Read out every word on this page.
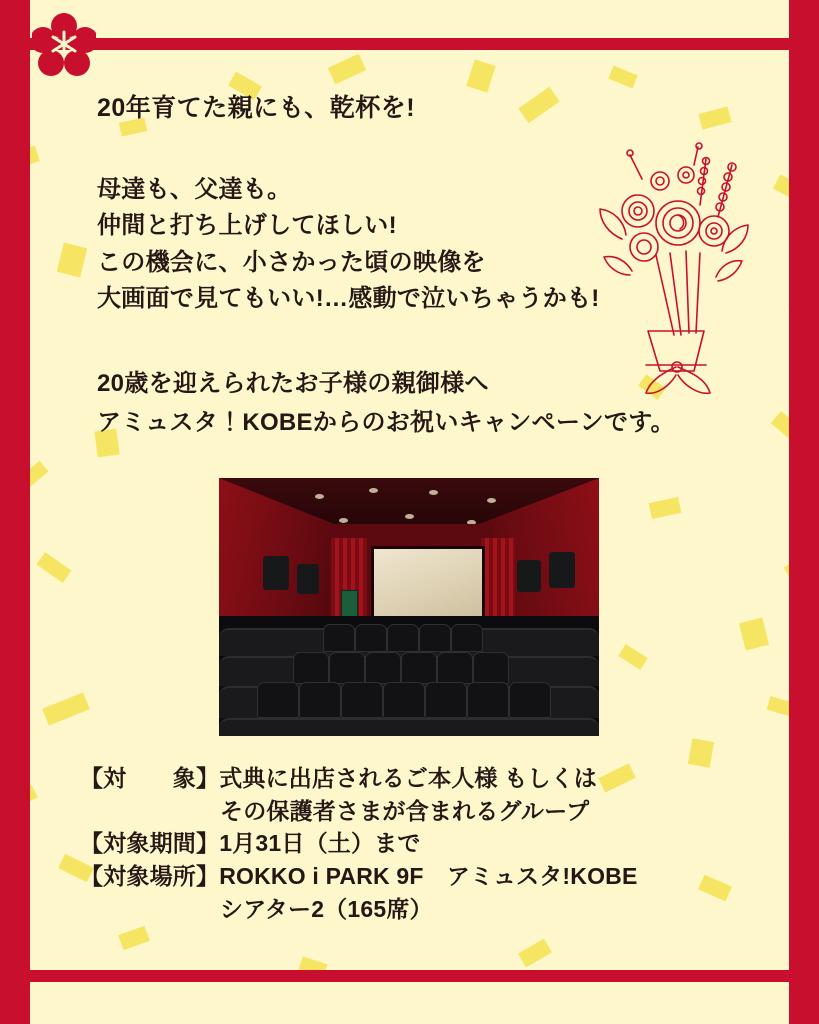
20年育てた親にも、乾杯を!
母達も、父達も。
仲間と打ち上げしてほしい!
この機会に、小さかった頃の映像を
大画面で見てもいい!…感動で泣いちゃうかも!
20歳を迎えられたお子様の親御様へ
アミュスタ！KOBEからのお祝いキャンペーンです。
【対　　象】式典に出店されるご本人様 もしくは
その保護者さまが含まれるグループ
【対象期間】1月31日（土）まで
【対象場所】ROKKO i PARK 9F　アミュスタ!KOBE
シアター2（165席）
